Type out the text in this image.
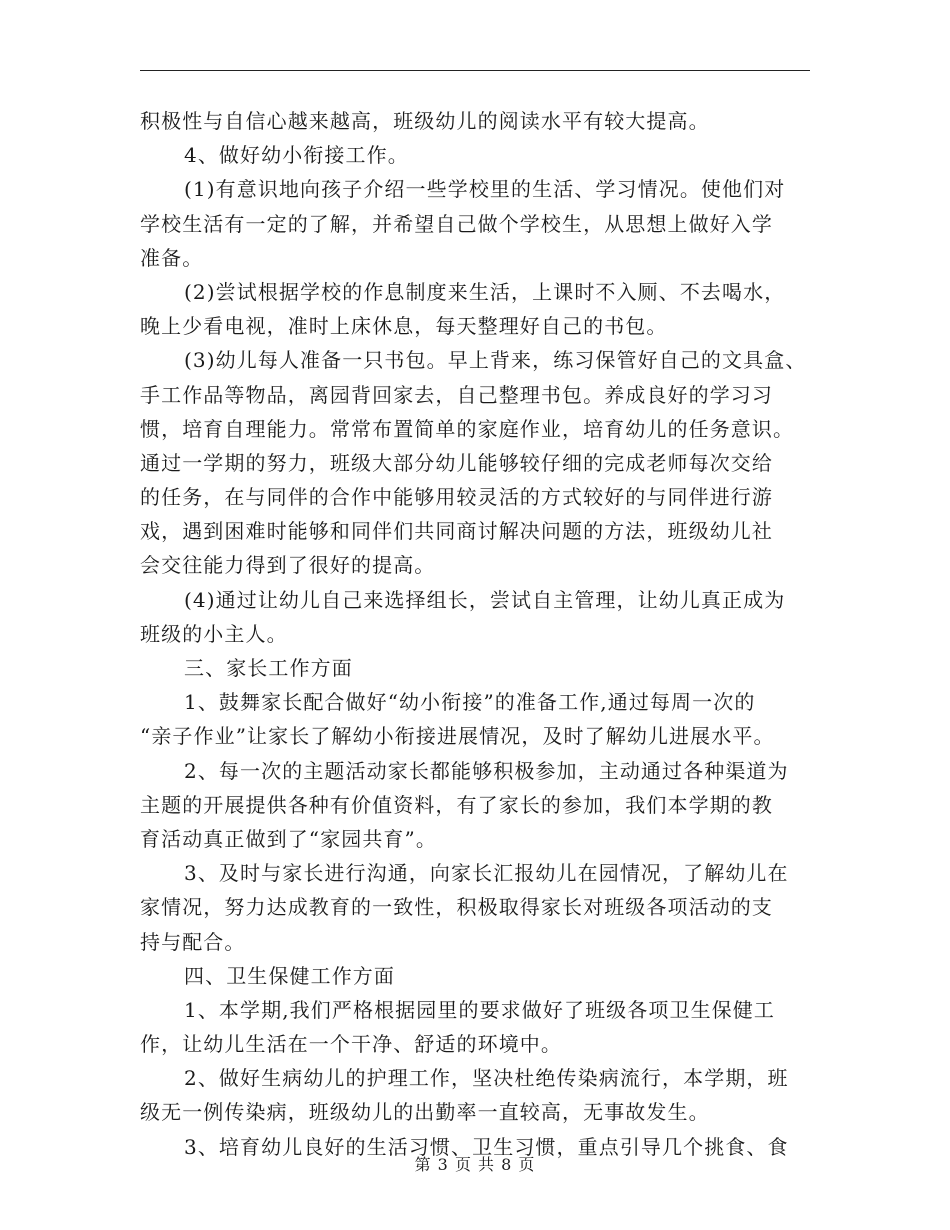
积极性与自信心越来越高，班级幼儿的阅读水平有较大提高。
4、做好幼小衔接工作。
(1)有意识地向孩子介绍一些学校里的生活、学习情况。使他们对
学校生活有一定的了解，并希望自己做个学校生，从思想上做好入学
准备。
(2)尝试根据学校的作息制度来生活，上课时不入厕、不去喝水，
晚上少看电视，准时上床休息，每天整理好自己的书包。
(3)幼儿每人准备一只书包。早上背来，练习保管好自己的文具盒、
手工作品等物品，离园背回家去，自己整理书包。养成良好的学习习
惯，培育自理能力。常常布置简单的家庭作业，培育幼儿的任务意识。
通过一学期的努力，班级大部分幼儿能够较仔细的完成老师每次交给
的任务，在与同伴的合作中能够用较灵活的方式较好的与同伴进行游
戏，遇到困难时能够和同伴们共同商讨解决问题的方法，班级幼儿社
会交往能力得到了很好的提高。
(4)通过让幼儿自己来选择组长，尝试自主管理，让幼儿真正成为
班级的小主人。
三、家长工作方面
1、鼓舞家长配合做好“幼小衔接”的准备工作,通过每周一次的
“亲子作业”让家长了解幼小衔接进展情况，及时了解幼儿进展水平。
2、每一次的主题活动家长都能够积极参加，主动通过各种渠道为
主题的开展提供各种有价值资料，有了家长的参加，我们本学期的教
育活动真正做到了“家园共育”。
3、及时与家长进行沟通，向家长汇报幼儿在园情况，了解幼儿在
家情况，努力达成教育的一致性，积极取得家长对班级各项活动的支
持与配合。
四、卫生保健工作方面
1、本学期,我们严格根据园里的要求做好了班级各项卫生保健工
作，让幼儿生活在一个干净、舒适的环境中。
2、做好生病幼儿的护理工作，坚决杜绝传染病流行，本学期，班
级无一例传染病，班级幼儿的出勤率一直较高，无事故发生。
3、培育幼儿良好的生活习惯、卫生习惯，重点引导几个挑食、食
第 3 页 共 8 页
